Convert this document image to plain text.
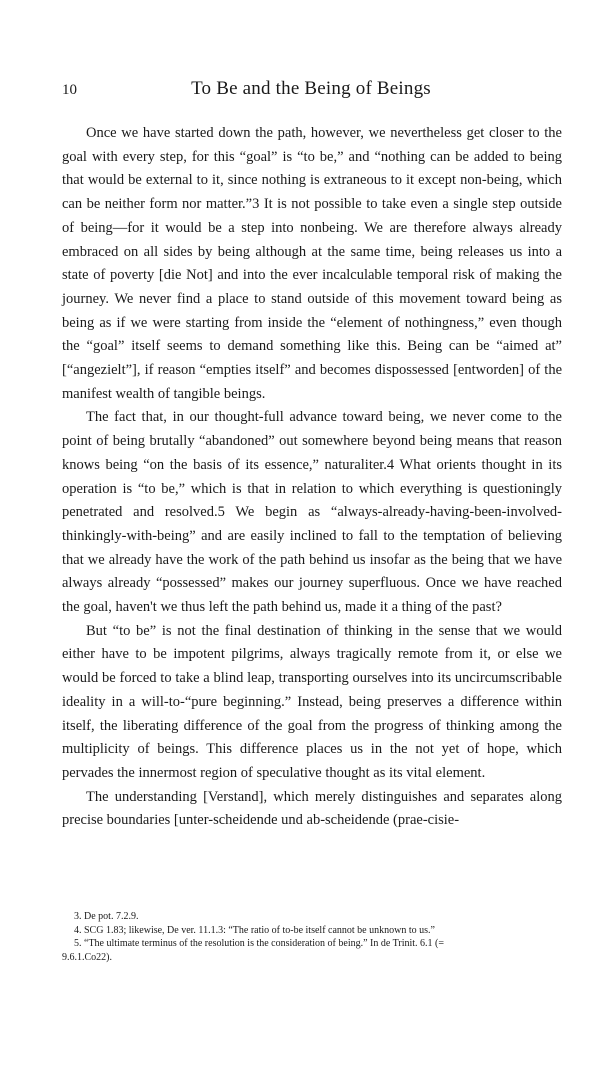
10	To Be and the Being of Beings

Once we have started down the path, however, we nevertheless get closer to the goal with every step, for this “goal” is “to be,” and “nothing can be added to being that would be external to it, since nothing is extraneous to it except non-being, which can be neither form nor matter.”3 It is not possible to take even a single step outside of being—for it would be a step into nonbeing. We are therefore always already embraced on all sides by being although at the same time, being releases us into a state of poverty [die Not] and into the ever incalculable temporal risk of making the journey. We never find a place to stand outside of this movement toward being as being as if we were starting from inside the “element of nothingness,” even though the “goal” itself seems to demand something like this. Being can be “aimed at” [“angezielt”], if reason “empties itself” and becomes dispossessed [entworden] of the manifest wealth of tangible beings.

The fact that, in our thought-full advance toward being, we never come to the point of being brutally “abandoned” out somewhere beyond being means that reason knows being “on the basis of its essence,” naturaliter.4 What orients thought in its operation is “to be,” which is that in relation to which everything is questioningly penetrated and resolved.5 We begin as “always-already-having-been-involved-thinkingly-with-being” and are easily inclined to fall to the temptation of believing that we already have the work of the path behind us insofar as the being that we have always already “possessed” makes our journey superfluous. Once we have reached the goal, haven't we thus left the path behind us, made it a thing of the past?

But “to be” is not the final destination of thinking in the sense that we would either have to be impotent pilgrims, always tragically remote from it, or else we would be forced to take a blind leap, transporting ourselves into its uncircumscribable ideality in a will-to-“pure beginning.” Instead, being preserves a difference within itself, the liberating difference of the goal from the progress of thinking among the multiplicity of beings. This difference places us in the not yet of hope, which pervades the innermost region of speculative thought as its vital element.

The understanding [Verstand], which merely distinguishes and separates along precise boundaries [unter-scheidende und ab-scheidende (prae-cisie-

3. De pot. 7.2.9.

4. SCG 1.83; likewise, De ver. 11.1.3: “The ratio of to-be itself cannot be unknown to us.”

5. “The ultimate terminus of the resolution is the consideration of being.” In de Trinit. 6.1 (=

9.6.1.Co22).
